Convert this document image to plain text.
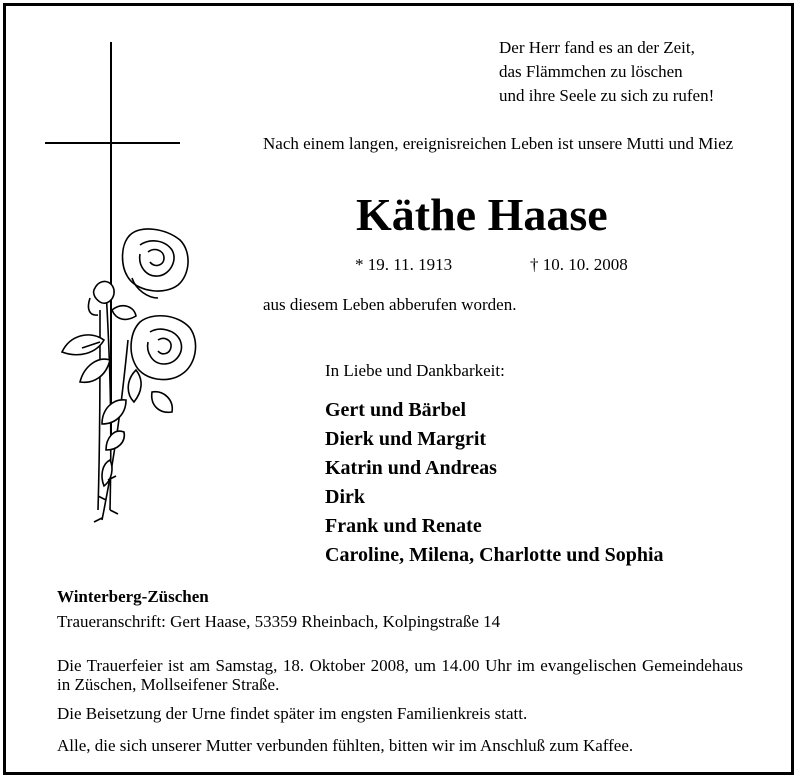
Der Herr fand es an der Zeit,
das Flämmchen zu löschen
und ihre Seele zu sich zu rufen!

Nach einem langen, ereignisreichen Leben ist unsere Mutti und Miez

Käthe Haase
* 19. 11. 1913	† 10. 10. 2008
aus diesem Leben abberufen worden.
In Liebe und Dankbarkeit:
Gert und Bärbel
Dierk und Margrit
Katrin und Andreas
Dirk
Frank und Renate
Caroline, Milena, Charlotte und Sophia
Winterberg-Züschen
Traueranschrift: Gert Haase, 53359 Rheinbach, Kolpingstraße 14

Die Trauerfeier ist am Samstag, 18. Oktober 2008, um 14.00 Uhr im evangelischen Gemeindehaus in Züschen, Mollseifener Straße.

Die Beisetzung der Urne findet später im engsten Familienkreis statt.

Alle, die sich unserer Mutter verbunden fühlten, bitten wir im Anschluß zum Kaffee.
